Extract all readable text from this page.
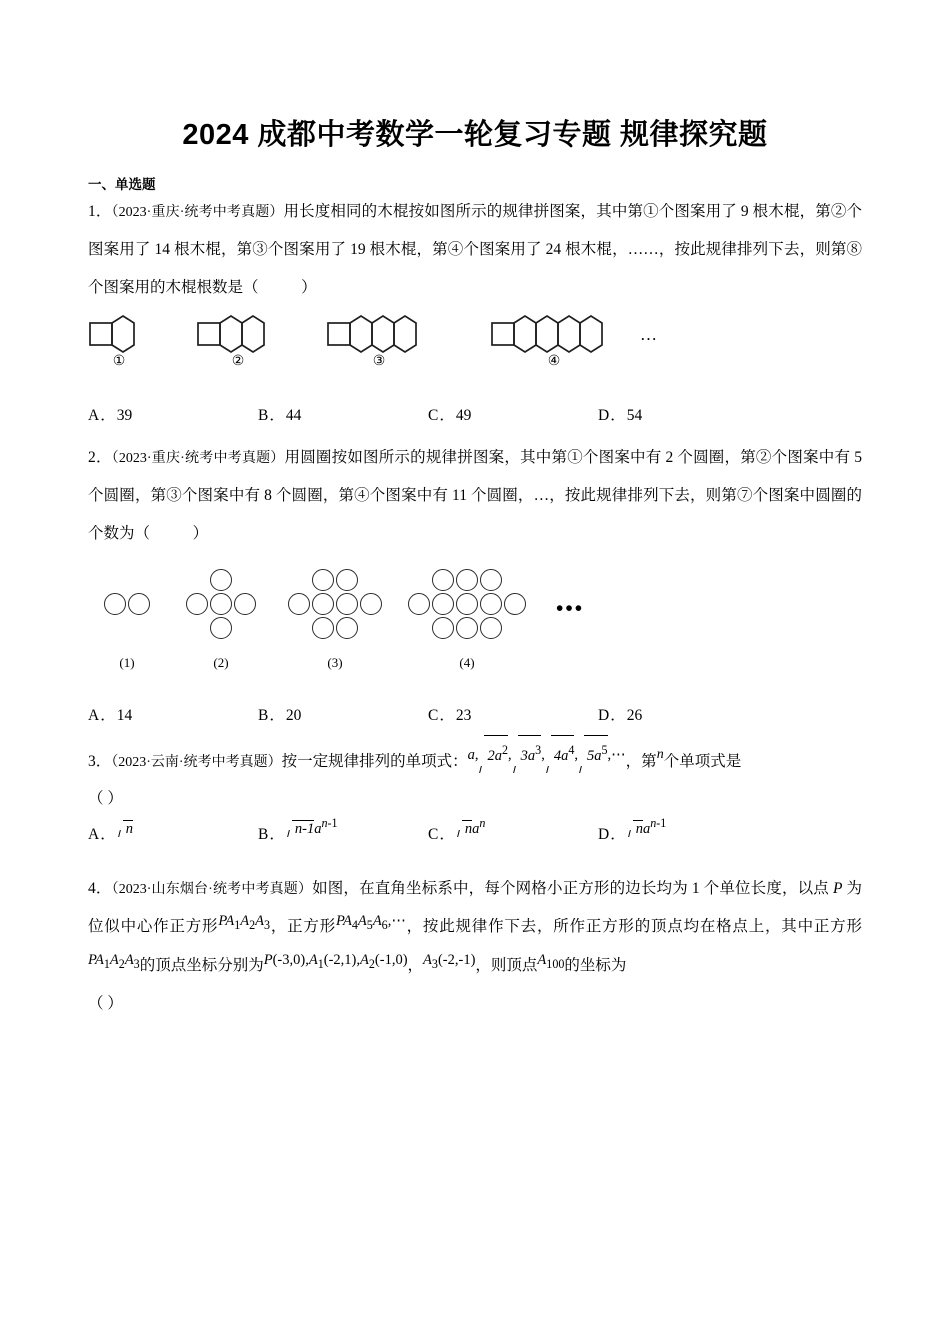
2024 成都中考数学一轮复习专题 规律探究题
一、单选题
1．（2023·重庆·统考中考真题）用长度相同的木棍按如图所示的规律拼图案，其中第①个图案用了 9 根木棍，第②个图案用了 14 根木棍，第③个图案用了 19 根木棍，第④个图案用了 24 根木棍，……，按此规律排列下去，则第⑧个图案用的木棍根数是（	）
①	②	③	④
…
A．39	B．44	C．49	D．54
2．（2023·重庆·统考中考真题）用圆圈按如图所示的规律拼图案，其中第①个图案中有 2 个圆圈，第②个图案中有 5 个圆圈，第③个图案中有 8 个圆圈，第④个图案中有 11 个圆圈，…，按此规律排列下去，则第⑦个图案中圆圈的个数为（	）
(1)	(2)	(3)	(4)
•••
A．14	B．20	C．23	D．26
3．（2023·云南·统考中考真题）按一定规律排列的单项式：a, $2a^2$, $3a^3$, $4a^4$, $5a^5,\cdots$，第n个单项式是
（ ）
A． n	B． $n-1a^{n-1}$
C． $na^n$
D． $na^{n-1}$
4．（2023·山东烟台·统考中考真题）如图，在直角坐标系中，每个网格小正方形的边长均为 1 个单位长度，以点 P 为位似中心作正方形$PA_1A_2A_3$，正方形$PA_4A_5A_6,\cdots$，按此规律作下去，所作正方形的顶点均在格点上，其中正方形$PA_1A_2A_3$的顶点坐标分别为$P(-3,0),A_1(-2,1),A_2(-1,0)$，$A_3(-2,-1)$，则顶点$A_{100}$的坐标为
（ ）
